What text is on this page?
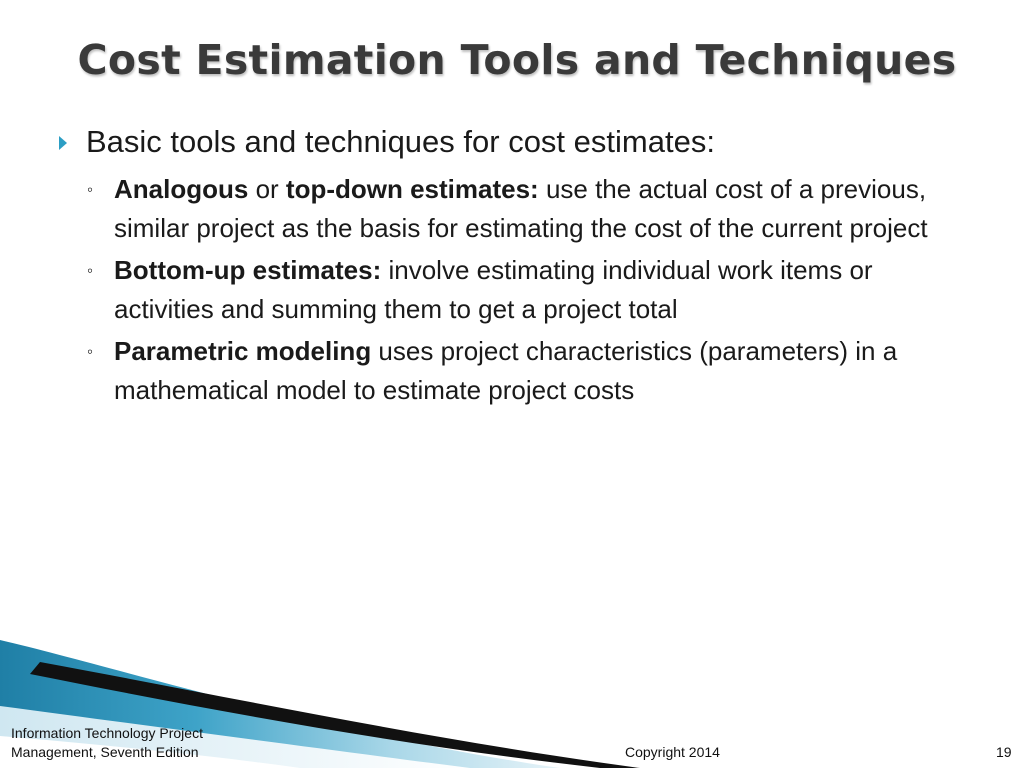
Cost Estimation Tools and Techniques
Basic tools and techniques for cost estimates:
◦ Analogous or top-down estimates: use the actual cost of a previous, similar project as the basis for estimating the cost of the current project
◦ Bottom-up estimates: involve estimating individual work items or activities and summing them to get a project total
◦ Parametric modeling uses project characteristics (parameters) in a mathematical model to estimate project costs
Information Technology Project
Management, Seventh Edition	Copyright 2014	19
